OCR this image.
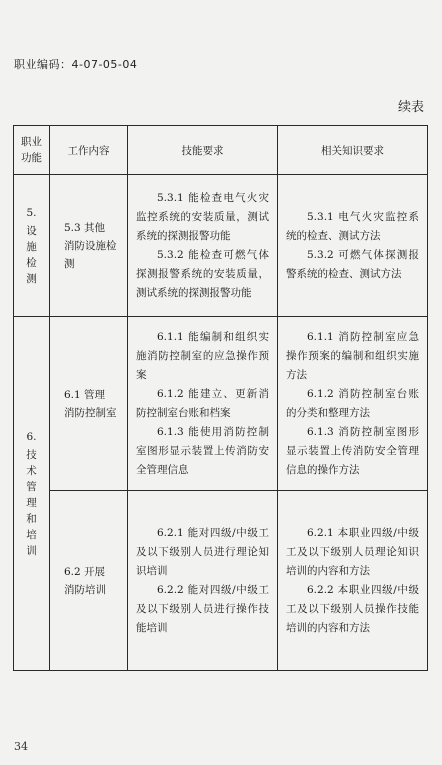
职业编码：4-07-05-04
续表
职业
功能	工作内容	技能要求	相关知识要求

5.
设施检测	5.3 其他
消防设施检
测	5.3.1 能检查电气火灾监控系统的安装质量，测试系统的探测报警功能
5.3.2 能检查可燃气体探测报警系统的安装质量，测试系统的探测报警功能	5.3.1 电气火灾监控系统的检查、测试方法
5.3.2 可燃气体探测报警系统的检查、测试方法

6.
技术管理和培训	6.1 管理
消防控制室	6.1.1 能编制和组织实施消防控制室的应急操作预案
6.1.2 能建立、更新消防控制室台账和档案
6.1.3 能使用消防控制室图形显示装置上传消防安全管理信息	6.1.1 消防控制室应急操作预案的编制和组织实施方法
6.1.2 消防控制室台账的分类和整理方法
6.1.3 消防控制室图形显示装置上传消防安全管理信息的操作方法

	6.2 开展
消防培训	6.2.1 能对四级/中级工及以下级别人员进行理论知识培训
6.2.2 能对四级/中级工及以下级别人员进行操作技能培训	6.2.1 本职业四级/中级工及以下级别人员理论知识培训的内容和方法
6.2.2 本职业四级/中级工及以下级别人员操作技能培训的内容和方法
34
